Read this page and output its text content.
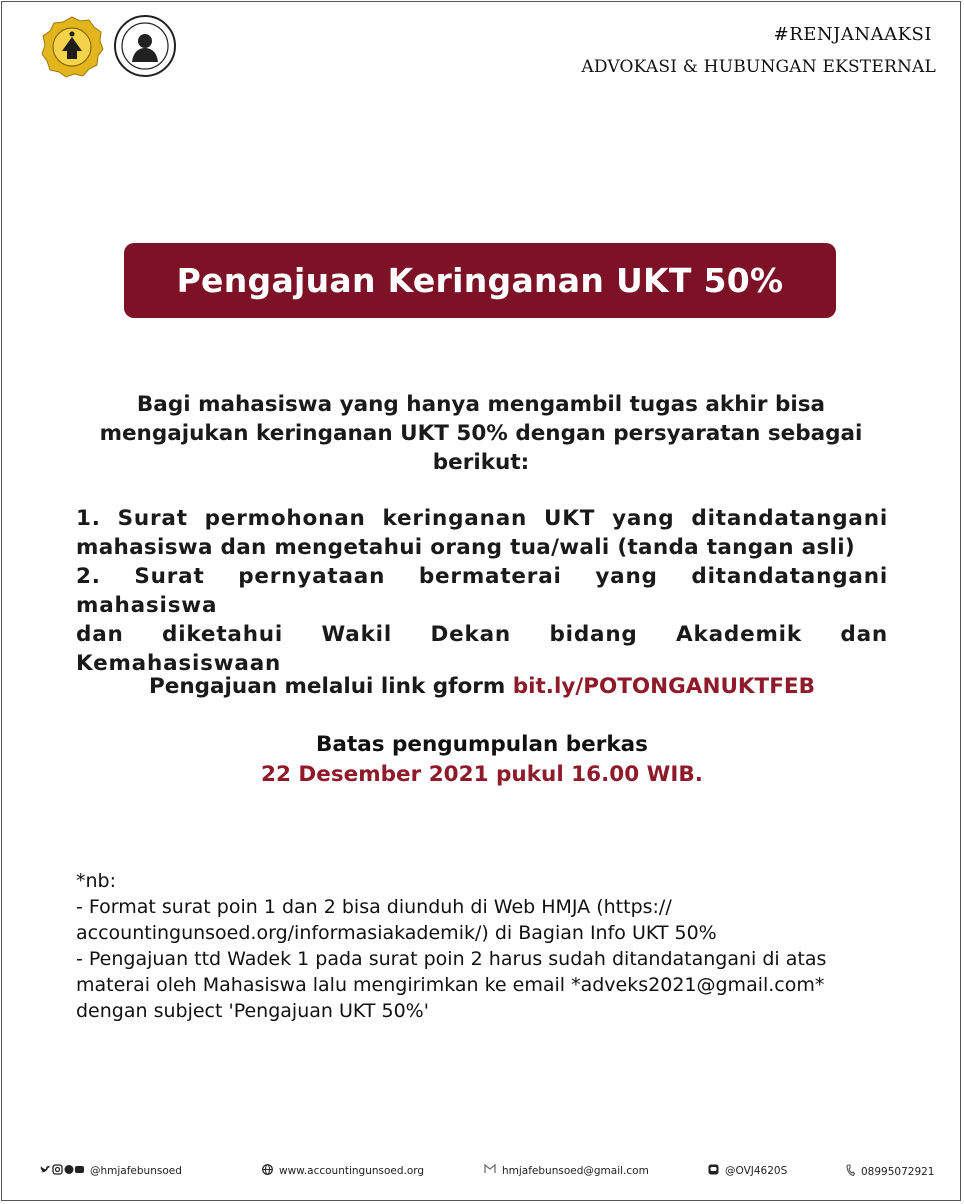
#RENJANAAKSI
ADVOKASI & HUBUNGAN EKSTERNAL
Pengajuan Keringanan UKT 50%
Bagi mahasiswa yang hanya mengambil tugas akhir bisa
mengajukan keringanan UKT 50% dengan persyaratan sebagai
berikut:

1. Surat permohonan keringanan UKT yang ditandatangani

mahasiswa dan mengetahui orang tua/wali (tanda tangan asli)

2. Surat pernyataan bermaterai yang ditandatangani mahasiswa

dan diketahui Wakil Dekan bidang Akademik dan

Kemahasiswaan

Pengajuan melalui link gform bit.ly/POTONGANUKTFEB
Batas pengumpulan berkas
22 Desember 2021 pukul 16.00 WIB.
*nb:
- Format surat poin 1 dan 2 bisa diunduh di Web HMJA (https://
accountingunsoed.org/informasiakademik/) di Bagian Info UKT 50%
- Pengajuan ttd Wadek 1 pada surat poin 2 harus sudah ditandatangani di atas
materai oleh Mahasiswa lalu mengirimkan ke email *adveks2021@gmail.com*
dengan subject 'Pengajuan UKT 50%'
@hmjafebunsoed	www.accountingunsoed.org	hmjafebunsoed@gmail.com	@OVJ4620S	08995072921
